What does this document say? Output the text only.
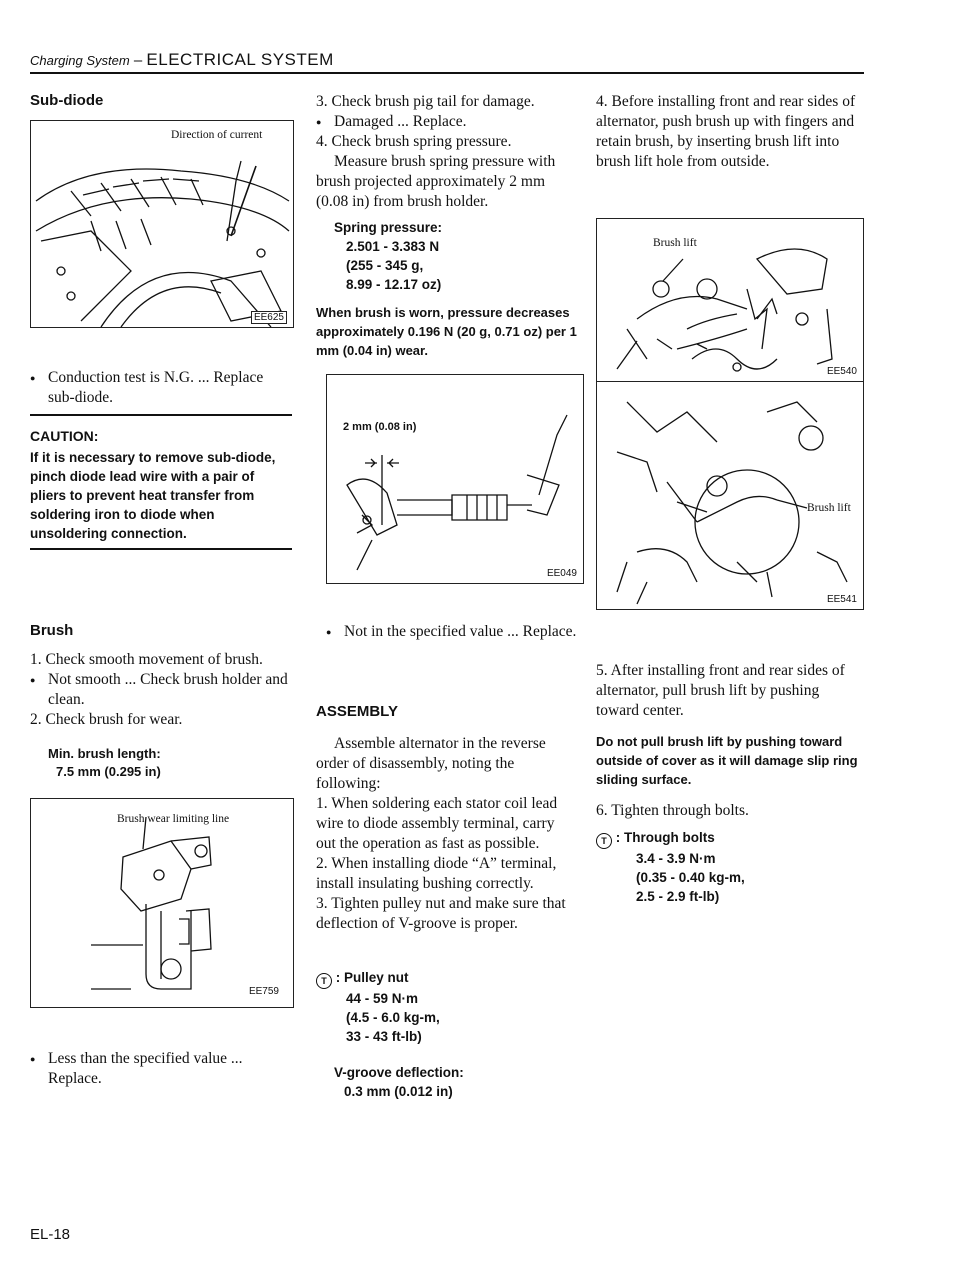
Charging System – ELECTRICAL SYSTEM
Sub-diode
Direction of current
EE625
● Conduction test is N.G. ... Replace sub-diode.
CAUTION:
If it is necessary to remove sub-diode, pinch diode lead wire with a pair of pliers to prevent heat transfer from soldering iron to diode when unsoldering connection.
Brush
1. Check smooth movement of brush.
● Not smooth ... Check brush holder and clean.
2. Check brush for wear.
Min. brush length:
7.5 mm (0.295 in)
Brush wear limiting line
EE759
● Less than the specified value ... Replace.
EL-18
3. Check brush pig tail for damage.
● Damaged ... Replace.
4. Check brush spring pressure.
Measure brush spring pressure with brush projected approximately 2 mm (0.08 in) from brush holder.
Spring pressure:
2.501 - 3.383 N
(255 - 345 g,
8.99 - 12.17 oz)
When brush is worn, pressure decreases approximately 0.196 N (20 g, 0.71 oz) per 1 mm (0.04 in) wear.
2 mm (0.08 in)
EE049
● Not in the specified value ... Replace.
ASSEMBLY
Assemble alternator in the reverse order of disassembly, noting the following:
1. When soldering each stator coil lead wire to diode assembly terminal, carry out the operation as fast as possible.
2. When installing diode “A” terminal, install insulating bushing correctly.
3. Tighten pulley nut and make sure that deflection of V-groove is proper.
T : Pulley nut
44 - 59 N·m
(4.5 - 6.0 kg-m,
33 - 43 ft-lb)
V-groove deflection:
0.3 mm (0.012 in)
4. Before installing front and rear sides of alternator, push brush up with fingers and retain brush, by inserting brush lift into brush lift hole from outside.
Brush lift
EE540
Brush lift
EE541
5. After installing front and rear sides of alternator, pull brush lift by pushing toward center.
Do not pull brush lift by pushing toward outside of cover as it will damage slip ring sliding surface.
6. Tighten through bolts.
T : Through bolts
3.4 - 3.9 N·m
(0.35 - 0.40 kg-m,
2.5 - 2.9 ft-lb)
